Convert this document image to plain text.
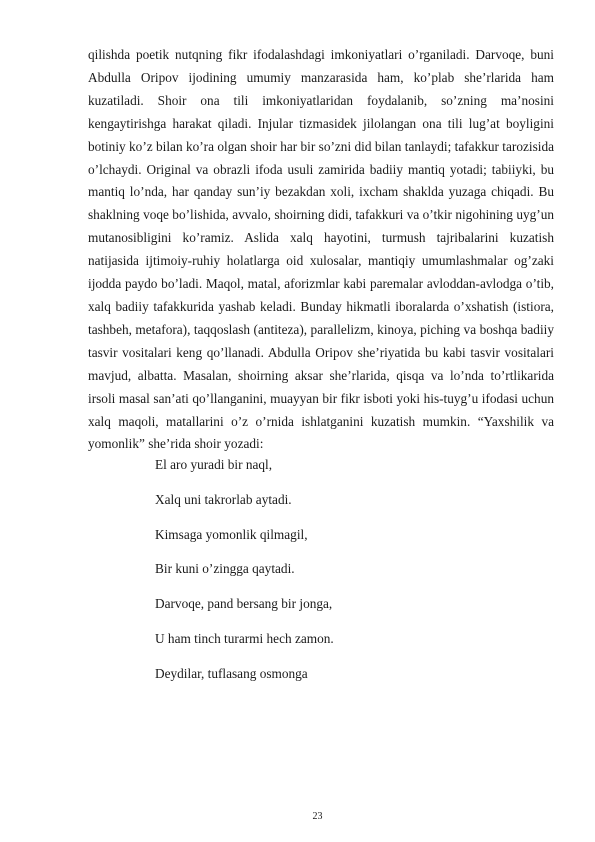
qilishda poetik nutqning fikr ifodalashdagi imkoniyatlari o’rganiladi. Darvoqe, buni Abdulla Oripov ijodining umumiy manzarasida ham, ko’plab she’rlarida ham kuzatiladi. Shoir ona tili imkoniyatlaridan foydalanib, so’zning ma’nosini kengaytirishga harakat qiladi. Injular tizmasidek jilolangan ona tili lug’at boyligini botiniy ko’z bilan ko’ra olgan shoir har bir so’zni did bilan tanlaydi; tafakkur tarozisida o’lchaydi. Original va obrazli ifoda usuli zamirida badiiy mantiq yotadi; tabiiyki, bu mantiq lo’nda, har qanday sun’iy bezakdan xoli, ixcham shaklda yuzaga chiqadi. Bu shaklning voqe bo’lishida, avvalo, shoirning didi, tafakkuri va o’tkir nigohining uyg’un mutanosibligini ko’ramiz. Aslida xalq hayotini, turmush tajribalarini kuzatish natijasida ijtimoiy-ruhiy holatlarga oid xulosalar, mantiqiy umumlashmalar og’zaki ijodda paydo bo’ladi. Maqol, matal, aforizmlar kabi paremalar avloddan-avlodga o’tib, xalq badiiy tafakkurida yashab keladi. Bunday hikmatli iboralarda o’xshatish (istiora, tashbeh, metafora), taqqoslash (antiteza), parallelizm, kinoya, piching va boshqa badiiy tasvir vositalari keng qo’llanadi. Abdulla Oripov she’riyatida bu kabi tasvir vositalari mavjud, albatta. Masalan, shoirning aksar she’rlarida, qisqa va lo’nda to’rtlikarida irsoli masal san’ati qo’llanganini, muayyan bir fikr isboti yoki his-tuyg’u ifodasi uchun xalq maqoli, matallarini o’z o’rnida ishlatganini kuzatish mumkin. “Yaxshilik va yomonlik” she’rida shoir yozadi:

El aro yuradi bir naql,

Xalq uni takrorlab aytadi.

Kimsaga yomonlik qilmagil,

Bir kuni o’zingga qaytadi.

Darvoqe, pand bersang bir jonga,

U ham tinch turarmi hech zamon.

Deydilar, tuflasang osmonga

23
